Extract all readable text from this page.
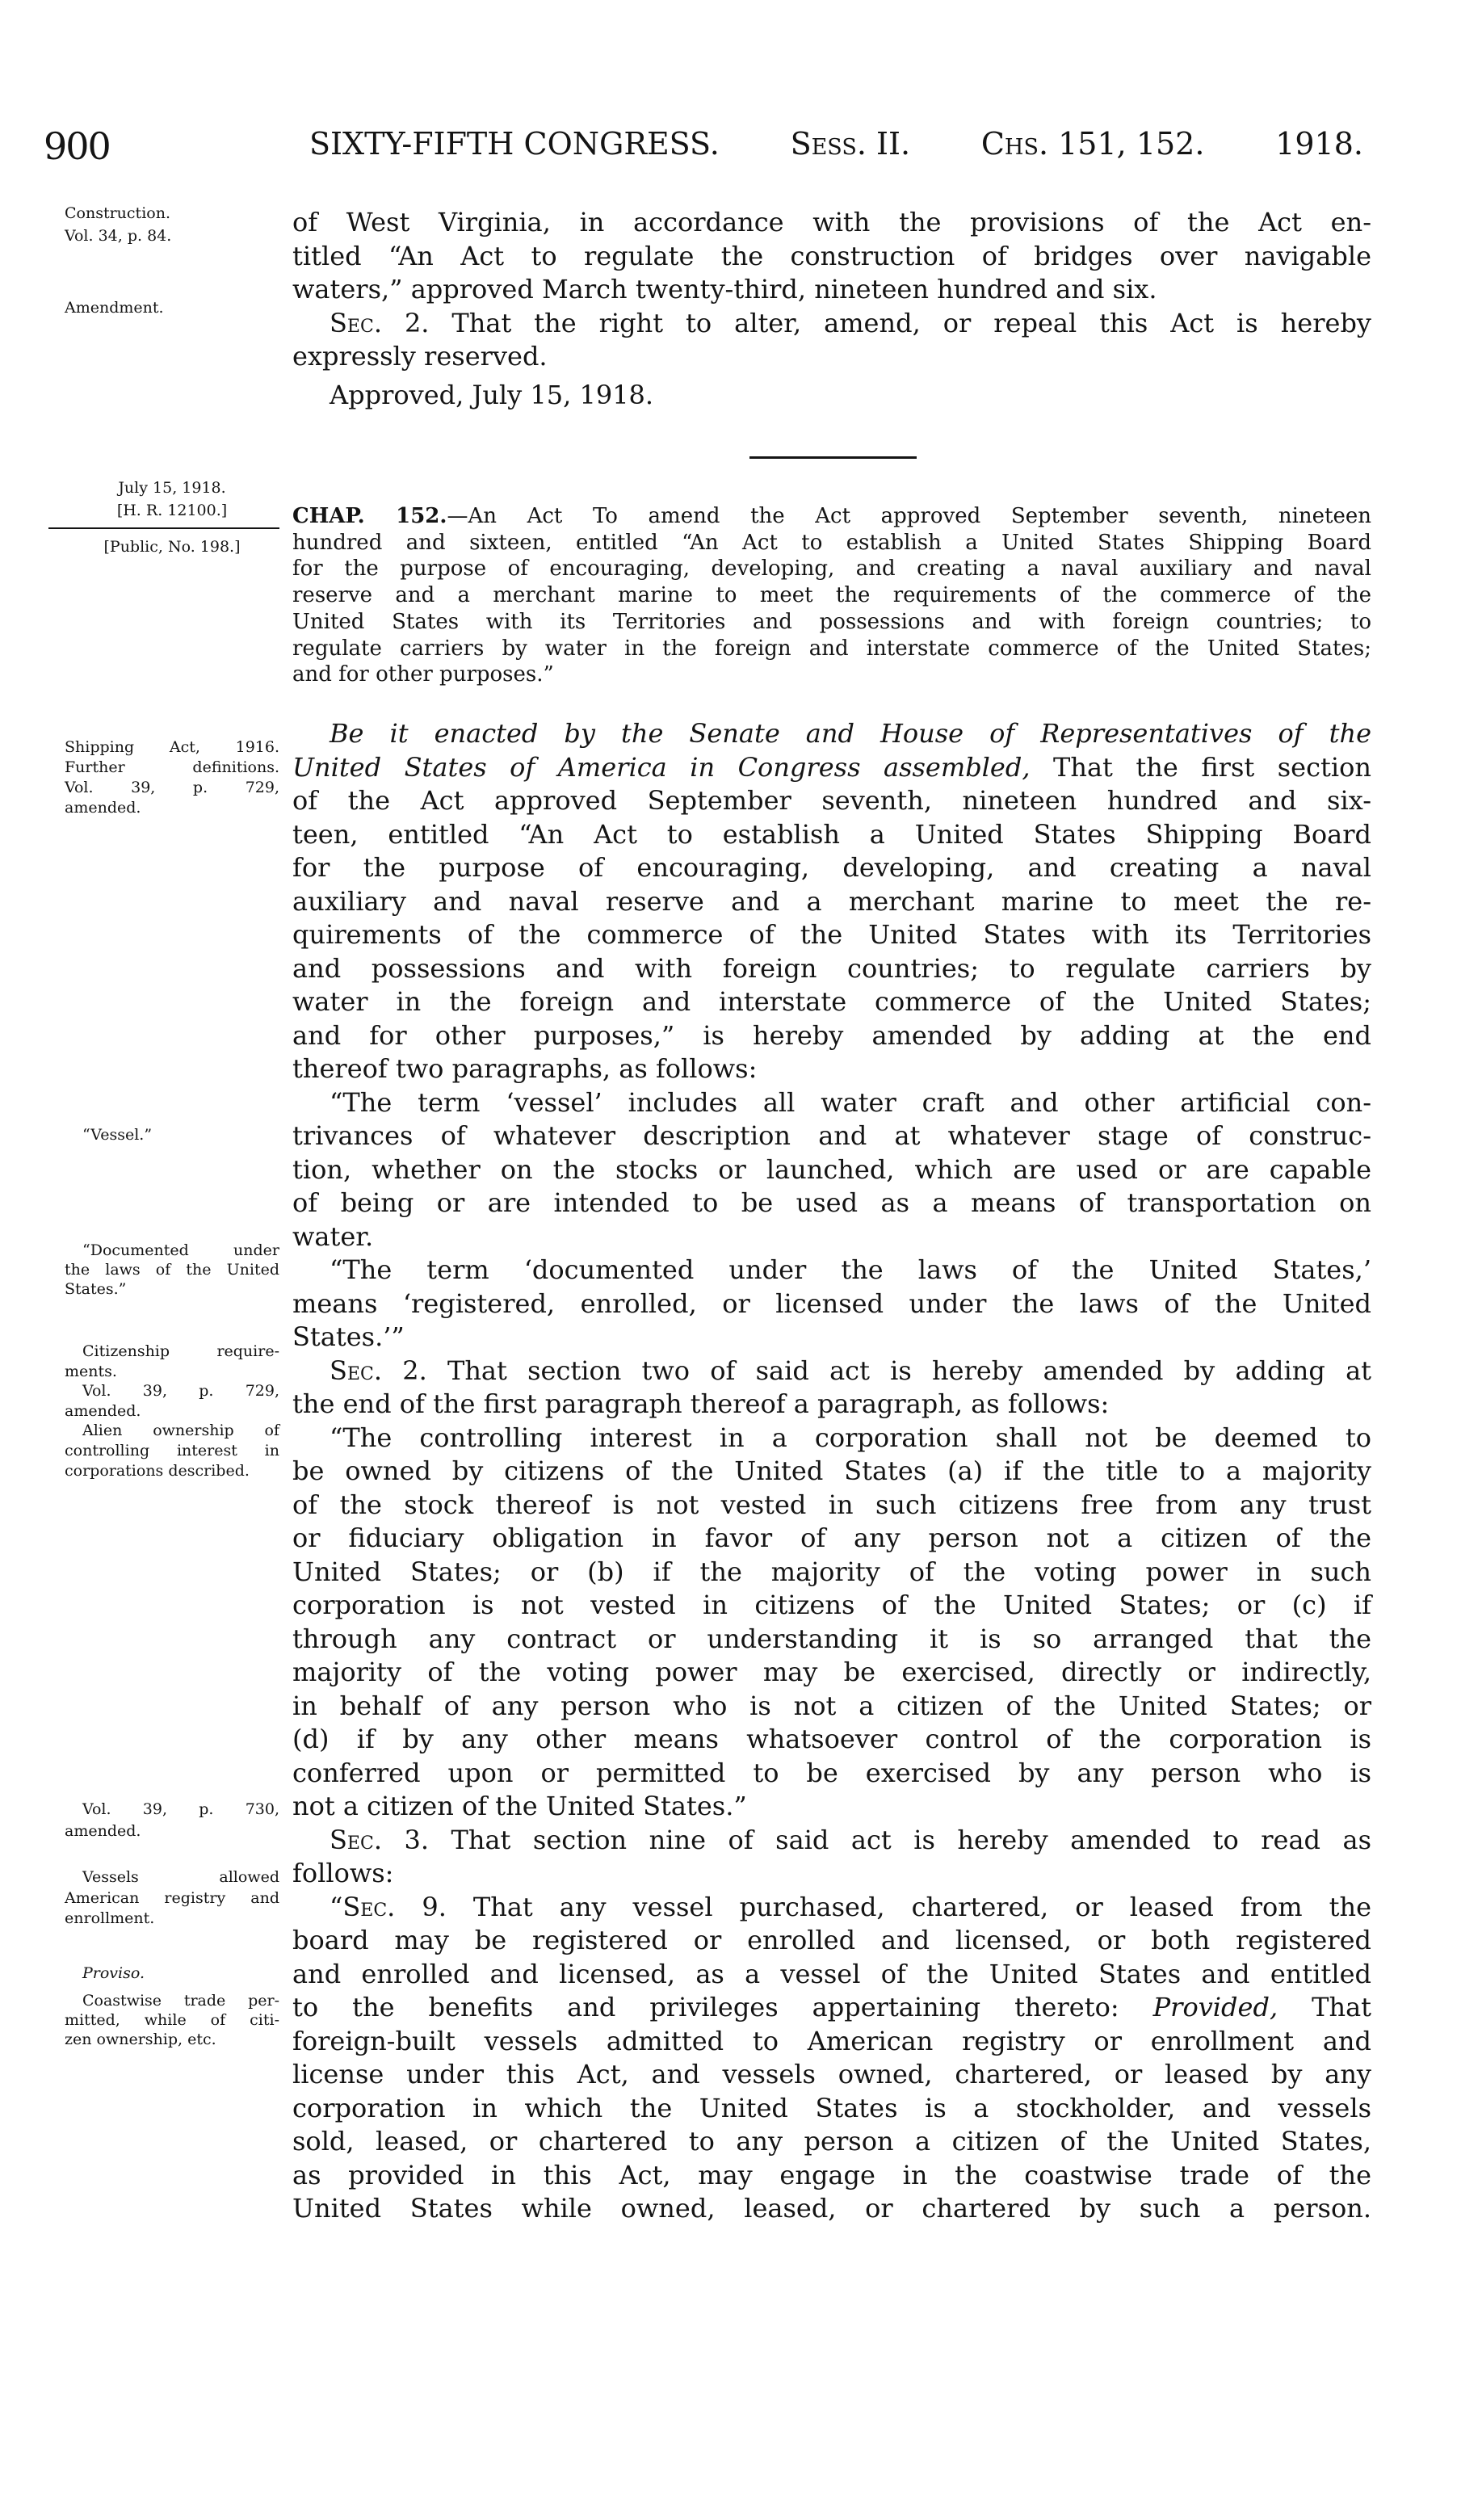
900	SIXTY-FIFTH CONGRESS. Sess. II. Chs. 151, 152. 1918.
of West Virginia, in accordance with the provisions of the Act en-
titled “An Act to regulate the construction of bridges over navigable
waters,” approved March twenty-third, nineteen hundred and six.
Sec. 2. That the right to alter, amend, or repeal this Act is hereby
expressly reserved.
Approved, July 15, 1918.
CHAP. 152.—An Act To amend the Act approved September seventh, nineteen
hundred and sixteen, entitled “An Act to establish a United States Shipping Board
for the purpose of encouraging, developing, and creating a naval auxiliary and naval
reserve and a merchant marine to meet the requirements of the commerce of the
United States with its Territories and possessions and with foreign countries; to
regulate carriers by water in the foreign and interstate commerce of the United States;
and for other purposes.”
Be it enacted by the Senate and House of Representatives of the
United States of America in Congress assembled, That the first section
of the Act approved September seventh, nineteen hundred and six-
teen, entitled “An Act to establish a United States Shipping Board
for the purpose of encouraging, developing, and creating a naval
auxiliary and naval reserve and a merchant marine to meet the re-
quirements of the commerce of the United States with its Territories
and possessions and with foreign countries; to regulate carriers by
water in the foreign and interstate commerce of the United States;
and for other purposes,” is hereby amended by adding at the end
thereof two paragraphs, as follows:
“The term ‘vessel’ includes all water craft and other artificial con-
trivances of whatever description and at whatever stage of construc-
tion, whether on the stocks or launched, which are used or are capable
of being or are intended to be used as a means of transportation on
water.
“The term ‘documented under the laws of the United States,’
means ‘registered, enrolled, or licensed under the laws of the United
States.’”
Sec. 2. That section two of said act is hereby amended by adding at
the end of the first paragraph thereof a paragraph, as follows:
“The controlling interest in a corporation shall not be deemed to
be owned by citizens of the United States (a) if the title to a majority
of the stock thereof is not vested in such citizens free from any trust
or fiduciary obligation in favor of any person not a citizen of the
United States; or (b) if the majority of the voting power in such
corporation is not vested in citizens of the United States; or (c) if
through any contract or understanding it is so arranged that the
majority of the voting power may be exercised, directly or indirectly,
in behalf of any person who is not a citizen of the United States; or
(d) if by any other means whatsoever control of the corporation is
conferred upon or permitted to be exercised by any person who is
not a citizen of the United States.”
Sec. 3. That section nine of said act is hereby amended to read as
follows:
“Sec. 9. That any vessel purchased, chartered, or leased from the
board may be registered or enrolled and licensed, or both registered
and enrolled and licensed, as a vessel of the United States and entitled
to the benefits and privileges appertaining thereto: Provided, That
foreign-built vessels admitted to American registry or enrollment and
license under this Act, and vessels owned, chartered, or leased by any
corporation in which the United States is a stockholder, and vessels
sold, leased, or chartered to any person a citizen of the United States,
as provided in this Act, may engage in the coastwise trade of the
United States while owned, leased, or chartered by such a person.
Construction.
Vol. 34, p. 84.
Amendment.
July 15, 1918.
[H. R. 12100.]
[Public, No. 198.]
Shipping Act, 1916.
Further definitions.
Vol. 39, p. 729,
amended.
“Vessel.”
“Documented under
the laws of the United
States.”
Citizenship require-
ments.
Vol. 39, p. 729,
amended.
Alien ownership of
controlling interest in
corporations described.
Vol. 39, p. 730,
amended.
Vessels allowed
American registry and
enrollment.
Proviso.
Coastwise trade per-
mitted, while of citi-
zen ownership, etc.
